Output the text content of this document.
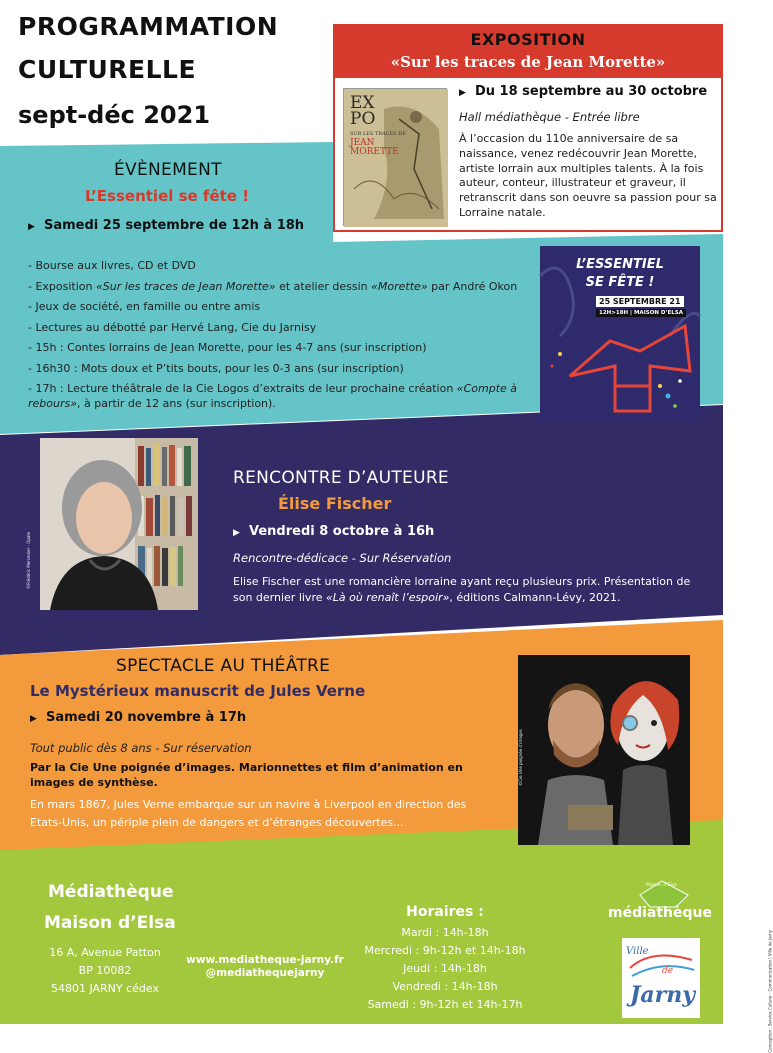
PROGRAMMATION
CULTURELLE
sept-déc 2021
EXPOSITION
«Sur les traces de Jean Morette»
EX
PO
SUR LES TRACES DE
JEAN
MORETTE
▶ Du 18 septembre au 30 octobre
Hall médiathèque - Entrée libre
À l’occasion du 110e anniversaire de sa naissance, venez redécouvrir Jean Morette, artiste lorrain aux multiples talents. À la fois auteur, conteur, illustrateur et graveur, il retranscrit dans son oeuvre sa passion pour sa Lorraine natale.
ÉVÈNEMENT
L’Essentiel se fête !
▶ Samedi 25 septembre de 12h à 18h
- Bourse aux livres, CD et DVD
- Exposition «Sur les traces de Jean Morette» et atelier dessin «Morette» par André Okon
- Jeux de société, en famille ou entre amis
- Lectures au débotté par Hervé Lang, Cie du Jarnisy
- 15h : Contes lorrains de Jean Morette, pour les 4-7 ans (sur inscription)
- 16h30 : Mots doux et P’tits bouts, pour les 0-3 ans (sur inscription)
- 17h : Lecture théâtrale de la Cie Logos d’extraits de leur prochaine création «Compte à rebours», à partir de 12 ans (sur inscription).
L’ESSENTIEL
SE FÊTE !
25 SEPTEMBRE 21
12H>18H | MAISON D’ELSA
©Frédéric Mercenier - Opale
RENCONTRE D’AUTEURE
Élise Fischer
▶ Vendredi 8 octobre à 16h
Rencontre-dédicace - Sur Réservation
Elise Fischer est une romancière lorraine ayant reçu plusieurs prix. Présentation de son dernier livre «Là où renaît l’espoir», éditions Calmann-Lévy, 2021.
SPECTACLE AU THÉÂTRE
Le Mystérieux manuscrit de Jules Verne
▶ Samedi 20 novembre à 17h
Tout public dès 8 ans - Sur réservation
Par la Cie Une poignée d’images. Marionnettes et film d’animation en images de synthèse.
En mars 1867, Jules Verne embarque sur un navire à Liverpool en direction des Etats-Unis, un périple plein de dangers et d’étranges découvertes...
©Cie Une poignée d’images
Médiathèque
Maison d’Elsa
16 A, Avenue Patton
BP 10082
54801 JARNY cédex
www.mediatheque-jarny.fr
@mediathequejarny
Horaires :
Mardi : 14h-18h
Mercredi : 9h-12h et 14h-18h
Jeudi : 14h-18h
Vendredi : 14h-18h
Samedi : 9h-12h et 14h-17h
Maison d’Elsa
médiathèque
Ville
de
Jarny	Conception : Service Culture - Communication | Ville de Jarny
